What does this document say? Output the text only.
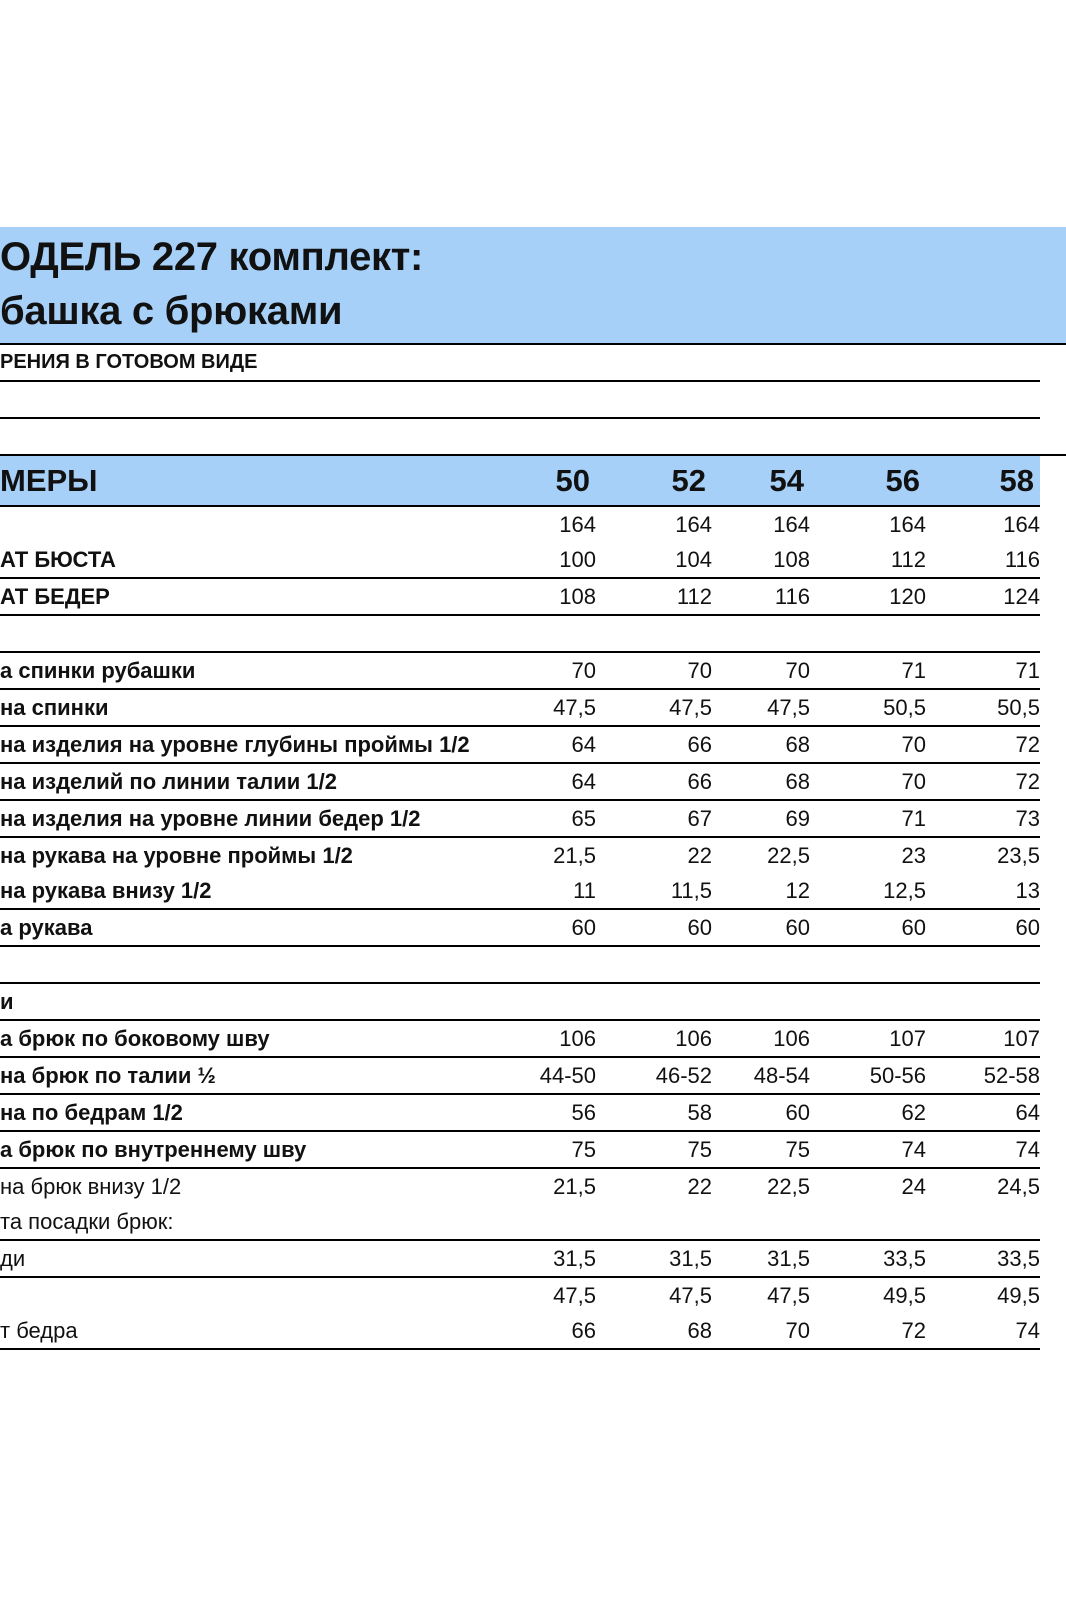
ОДЕЛЬ 227 комплект:
башка с брюками
РЕНИЯ В ГОТОВОМ ВИДЕ						

МЕРЫ	50	52	54	56	58	
	164	164	164	164	164	
АТ БЮСТА	100	104	108	112	116	
АТ БЕДЕР	108	112	116	120	124	

а спинки рубашки	70	70	70	71	71	
на спинки	47,5	47,5	47,5	50,5	50,5	
на изделия на уровне глубины проймы 1/2	64	66	68	70	72	
на изделий по линии талии 1/2	64	66	68	70	72	
на изделия на уровне линии бедер 1/2	65	67	69	71	73	
на рукава на уровне проймы 1/2	21,5	22	22,5	23	23,5	
на рукава внизу 1/2	11	11,5	12	12,5	13	
а рукава	60	60	60	60	60	

и						
а брюк по боковому шву	106	106	106	107	107	
на брюк по талии ½	44-50	46-52	48-54	50-56	52-58	
на по бедрам 1/2	56	58	60	62	64	
а брюк по внутреннему шву	75	75	75	74	74	
на брюк внизу 1/2	21,5	22	22,5	24	24,5	
та посадки брюк:						
ди	31,5	31,5	31,5	33,5	33,5	
	47,5	47,5	47,5	49,5	49,5	
т бедра	66	68	70	72	74	
